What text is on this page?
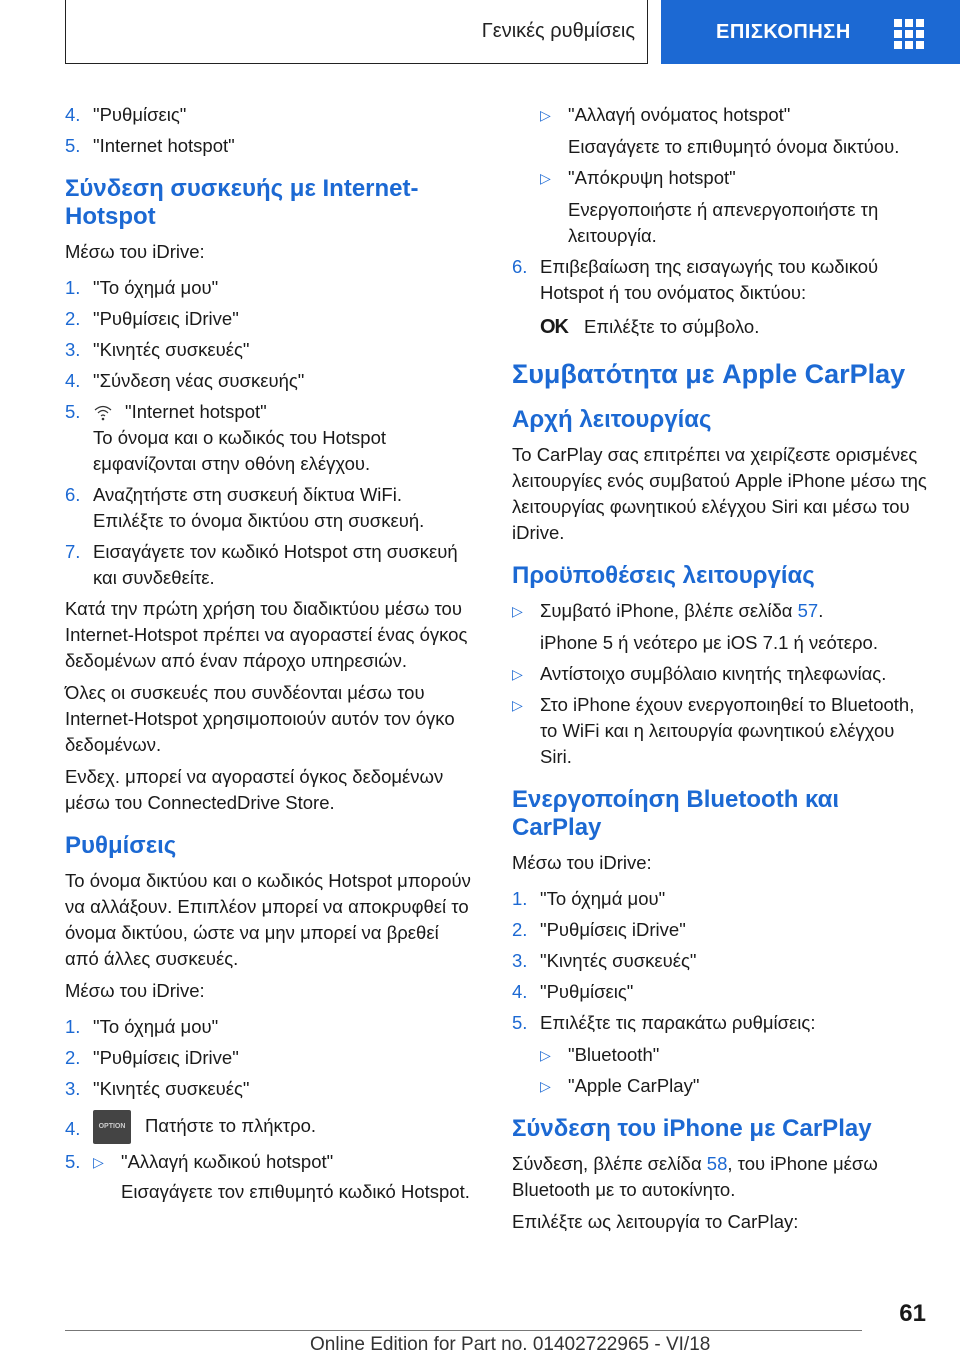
Γενικές ρυθμίσεις	ΕΠΙΣΚΟΠΗΣΗ
4. "Ρυθμίσεις"
5. "Internet hotspot"
Σύνδεση συσκευής με Internet-Hotspot
Μέσω του iDrive:
1. "Το όχημά μου"
2. "Ρυθμίσεις iDrive"
3. "Κινητές συσκευές"
4. "Σύνδεση νέας συσκευής"
5. "Internet hotspot"
Το όνομα και ο κωδικός του Hotspot εμφανίζονται στην οθόνη ελέγχου.
6. Αναζητήστε στη συσκευή δίκτυα WiFi. Επιλέξτε το όνομα δικτύου στη συσκευή.
7. Εισαγάγετε τον κωδικό Hotspot στη συσκευή και συνδεθείτε.

Κατά την πρώτη χρήση του διαδικτύου μέσω του Internet-Hotspot πρέπει να αγοραστεί ένας όγκος δεδομένων από έναν πάροχο υπηρεσιών.

Όλες οι συσκευές που συνδέονται μέσω του Internet-Hotspot χρησιμοποιούν αυτόν τον όγκο δεδομένων.

Ενδεχ. μπορεί να αγοραστεί όγκος δεδομένων μέσω του ConnectedDrive Store.

Ρυθμίσεις

Το όνομα δικτύου και ο κωδικός Hotspot μπορούν να αλλάξουν. Επιπλέον μπορεί να αποκρυφθεί το όνομα δικτύου, ώστε να μην μπορεί να βρεθεί από άλλες συσκευές.

Μέσω του iDrive:
1. "Το όχημά μου"
2. "Ρυθμίσεις iDrive"
3. "Κινητές συσκευές"
4.	OPTION Πατήστε το πλήκτρο.
5. ▷ "Αλλαγή κωδικού hotspot"
Εισαγάγετε τον επιθυμητό κωδικό Hotspot.
▷ "Αλλαγή ονόματος hotspot"
Εισαγάγετε το επιθυμητό όνομα δικτύου.
▷ "Απόκρυψη hotspot"
Ενεργοποιήστε ή απενεργοποιήστε τη λειτουργία.
6. Επιβεβαίωση της εισαγωγής του κωδικού Hotspot ή του ονόματος δικτύου:
OK Επιλέξτε το σύμβολο.
Συμβατότητα με Apple CarPlay
Αρχή λειτουργίας

Το CarPlay σας επιτρέπει να χειρίζεστε ορισμένες λειτουργίες ενός συμβατού Apple iPhone μέσω της λειτουργίας φωνητικού ελέγχου Siri και μέσω του iDrive.

Προϋποθέσεις λειτουργίας
▷ Συμβατό iPhone, βλέπε σελίδα 57.
iPhone 5 ή νεότερο με iOS 7.1 ή νεότερο.
▷ Αντίστοιχο συμβόλαιο κινητής τηλεφωνίας.
▷ Στο iPhone έχουν ενεργοποιηθεί το Bluetooth, το WiFi και η λειτουργία φωνητικού ελέγχου Siri.
Ενεργοποίηση Bluetooth και CarPlay
Μέσω του iDrive:
1. "Το όχημά μου"
2. "Ρυθμίσεις iDrive"
3. "Κινητές συσκευές"
4. "Ρυθμίσεις"
5. Επιλέξτε τις παρακάτω ρυθμίσεις:
▷ "Bluetooth"
▷ "Apple CarPlay"
Σύνδεση του iPhone με CarPlay

Σύνδεση, βλέπε σελίδα 58, του iPhone μέσω Bluetooth με το αυτοκίνητο.

Επιλέξτε ως λειτουργία το CarPlay:

61
Online Edition for Part no. 01402722965 - VI/18
